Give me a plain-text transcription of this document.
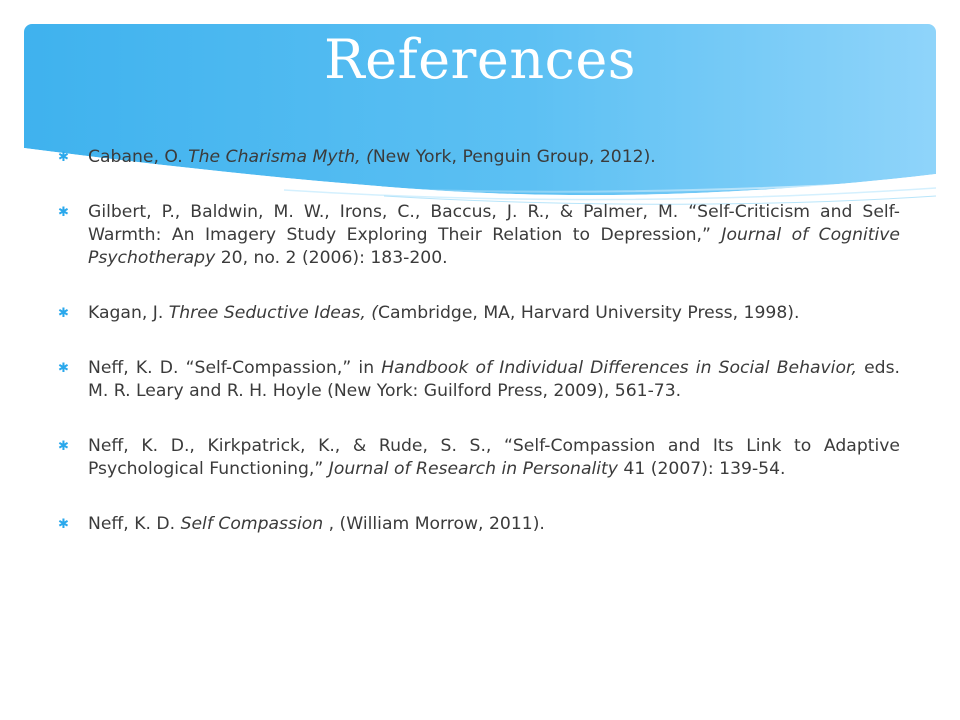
References
✱ Cabane, O. The Charisma Myth, (New York, Penguin Group, 2012).
✱ Gilbert, P., Baldwin, M. W., Irons, C., Baccus, J. R., & Palmer, M. “Self-Criticism and Self-Warmth: An Imagery Study Exploring Their Relation to Depression,” Journal of Cognitive Psychotherapy 20, no. 2 (2006): 183-200.
✱ Kagan, J. Three Seductive Ideas, (Cambridge, MA, Harvard University Press, 1998).
✱ Neff, K. D. “Self-Compassion,” in Handbook of Individual Differences in Social Behavior, eds. M. R. Leary and R. H. Hoyle (New York: Guilford Press, 2009), 561-73.
✱ Neff, K. D., Kirkpatrick, K., & Rude, S. S., “Self-Compassion and Its Link to Adaptive Psychological Functioning,” Journal of Research in Personality 41 (2007): 139-54.
✱ Neff, K. D. Self Compassion , (William Morrow, 2011).
